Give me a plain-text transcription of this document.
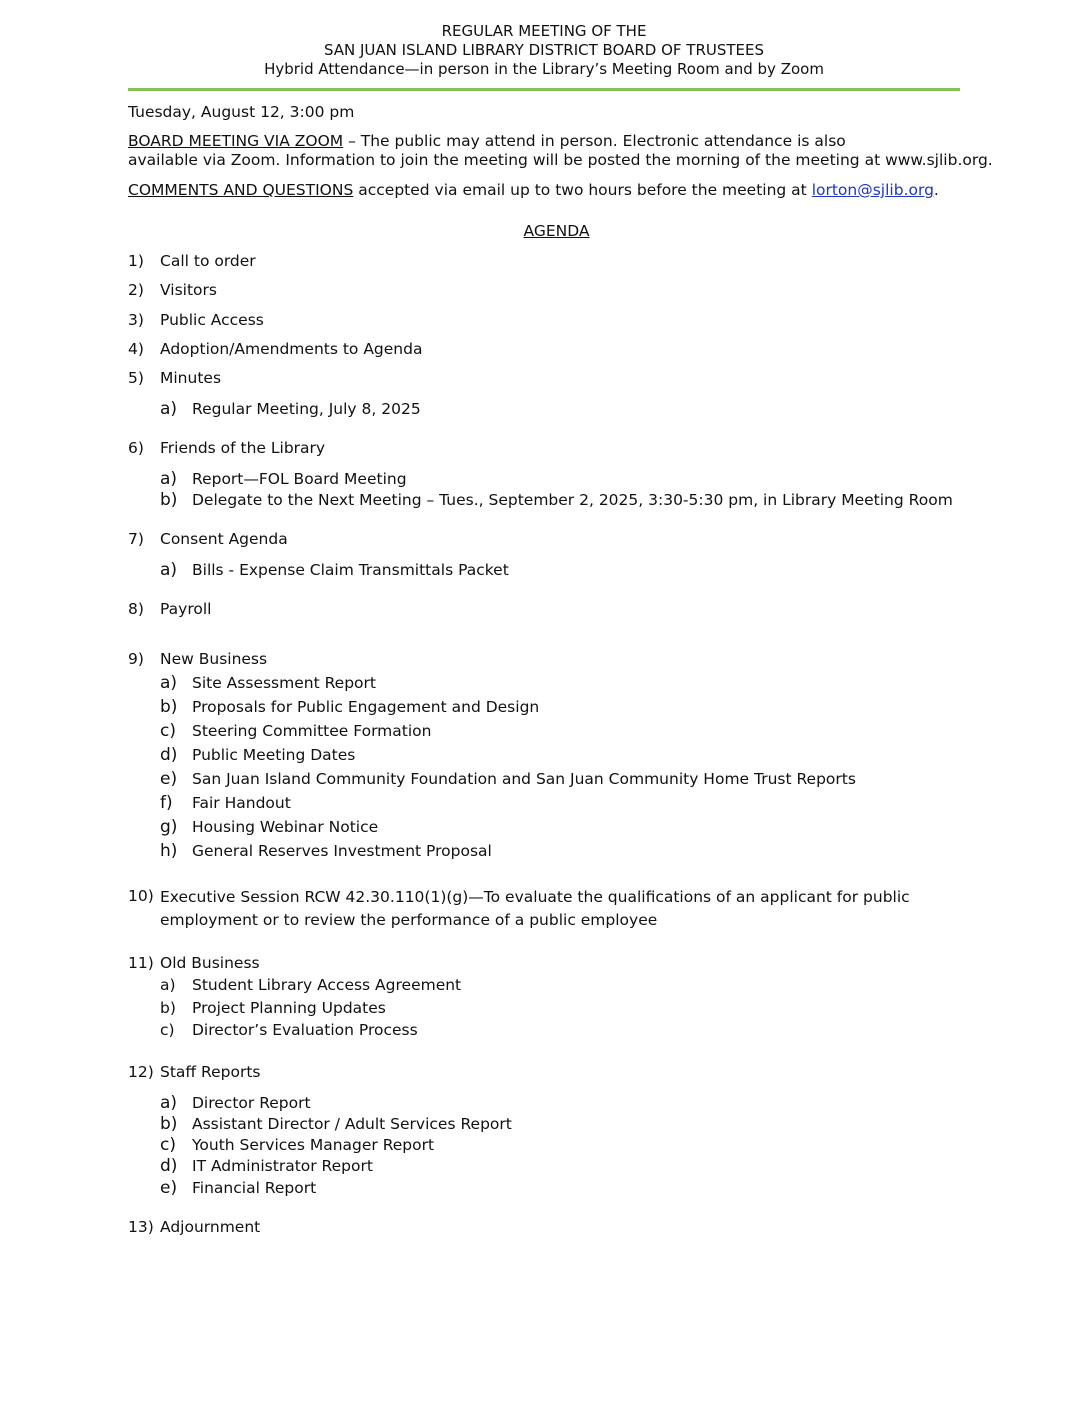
REGULAR MEETING OF THE
SAN JUAN ISLAND LIBRARY DISTRICT BOARD OF TRUSTEES
Hybrid Attendance—in person in the Library’s Meeting Room and by Zoom
Tuesday, August 12, 3:00 pm
BOARD MEETING VIA ZOOM – The public may attend in person. Electronic attendance is also
available via Zoom. Information to join the meeting will be posted the morning of the meeting at www.sjlib.org.
COMMENTS AND QUESTIONS accepted via email up to two hours before the meeting at lorton@sjlib.org.
AGENDA
1) Call to order
2) Visitors
3) Public Access
4) Adoption/Amendments to Agenda
5) Minutes
a) Regular Meeting, July 8, 2025
6) Friends of the Library
a) Report—FOL Board Meeting
b) Delegate to the Next Meeting – Tues., September 2, 2025, 3:30-5:30 pm, in Library Meeting Room
7) Consent Agenda
a) Bills - Expense Claim Transmittals Packet
8) Payroll
9) New Business
a) Site Assessment Report
b) Proposals for Public Engagement and Design
c) Steering Committee Formation
d) Public Meeting Dates
e) San Juan Island Community Foundation and San Juan Community Home Trust Reports
f) Fair Handout
g) Housing Webinar Notice
h) General Reserves Investment Proposal
10) Executive Session RCW 42.30.110(1)(g)—To evaluate the qualifications of an applicant for public employment or to review the performance of a public employee
11) Old Business
a) Student Library Access Agreement
b) Project Planning Updates
c) Director’s Evaluation Process
12) Staff Reports
a) Director Report
b) Assistant Director / Adult Services Report
c) Youth Services Manager Report
d) IT Administrator Report
e) Financial Report
13) Adjournment
